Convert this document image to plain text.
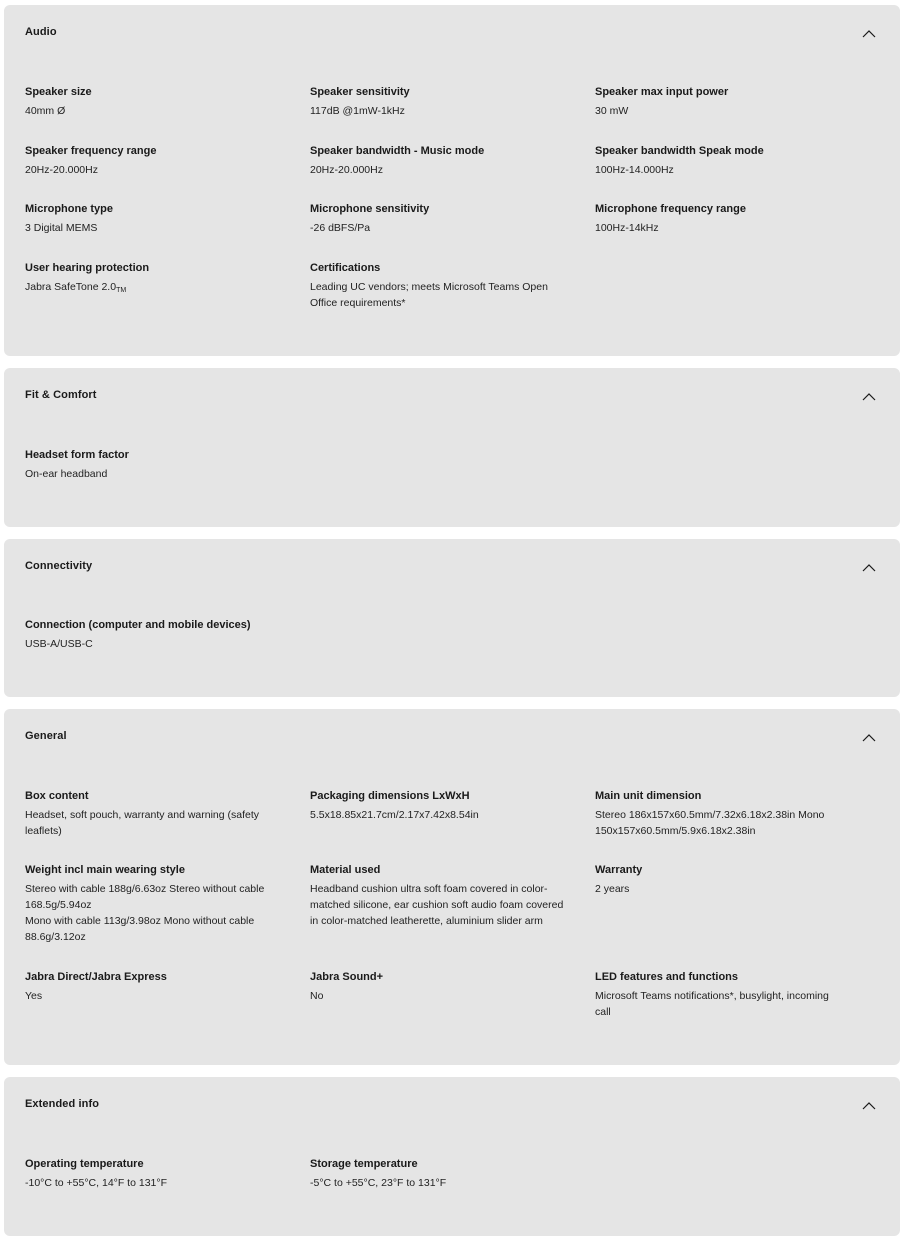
Audio
Speaker size
40mm Ø
Speaker sensitivity
117dB @1mW-1kHz
Speaker max input power
30 mW
Speaker frequency range
20Hz-20.000Hz
Speaker bandwidth - Music mode
20Hz-20.000Hz
Speaker bandwidth Speak mode
100Hz-14.000Hz
Microphone type
3 Digital MEMS
Microphone sensitivity
-26 dBFS/Pa
Microphone frequency range
100Hz-14kHz
User hearing protection
Jabra SafeTone $2.0_{TM}$
Certifications
Leading UC vendors; meets Microsoft Teams Open
Office requirements*
Fit & Comfort
Headset form factor
On-ear headband
Connectivity
Connection (computer and mobile devices)
USB-A/USB-C
General
Box content
Headset, soft pouch, warranty and warning (safety
leaflets)
Packaging dimensions LxWxH
5.5x18.85x21.7cm/2.17x7.42x8.54in
Main unit dimension
Stereo 186x157x60.5mm/7.32x6.18x2.38in Mono
150x157x60.5mm/5.9x6.18x2.38in
Weight incl main wearing style
Stereo with cable 188g/6.63oz Stereo without cable
168.5g/5.94oz
Mono with cable 113g/3.98oz Mono without cable
88.6g/3.12oz
Material used
Headband cushion ultra soft foam covered in color-
matched silicone, ear cushion soft audio foam covered
in color-matched leatherette, aluminium slider arm
Warranty
2 years
Jabra Direct/Jabra Express
Yes
Jabra Sound+
No
LED features and functions
Microsoft Teams notifications*, busylight, incoming
call
Extended info
Operating temperature
-10°C to +55°C, 14°F to 131°F
Storage temperature
-5°C to +55°C, 23°F to 131°F
